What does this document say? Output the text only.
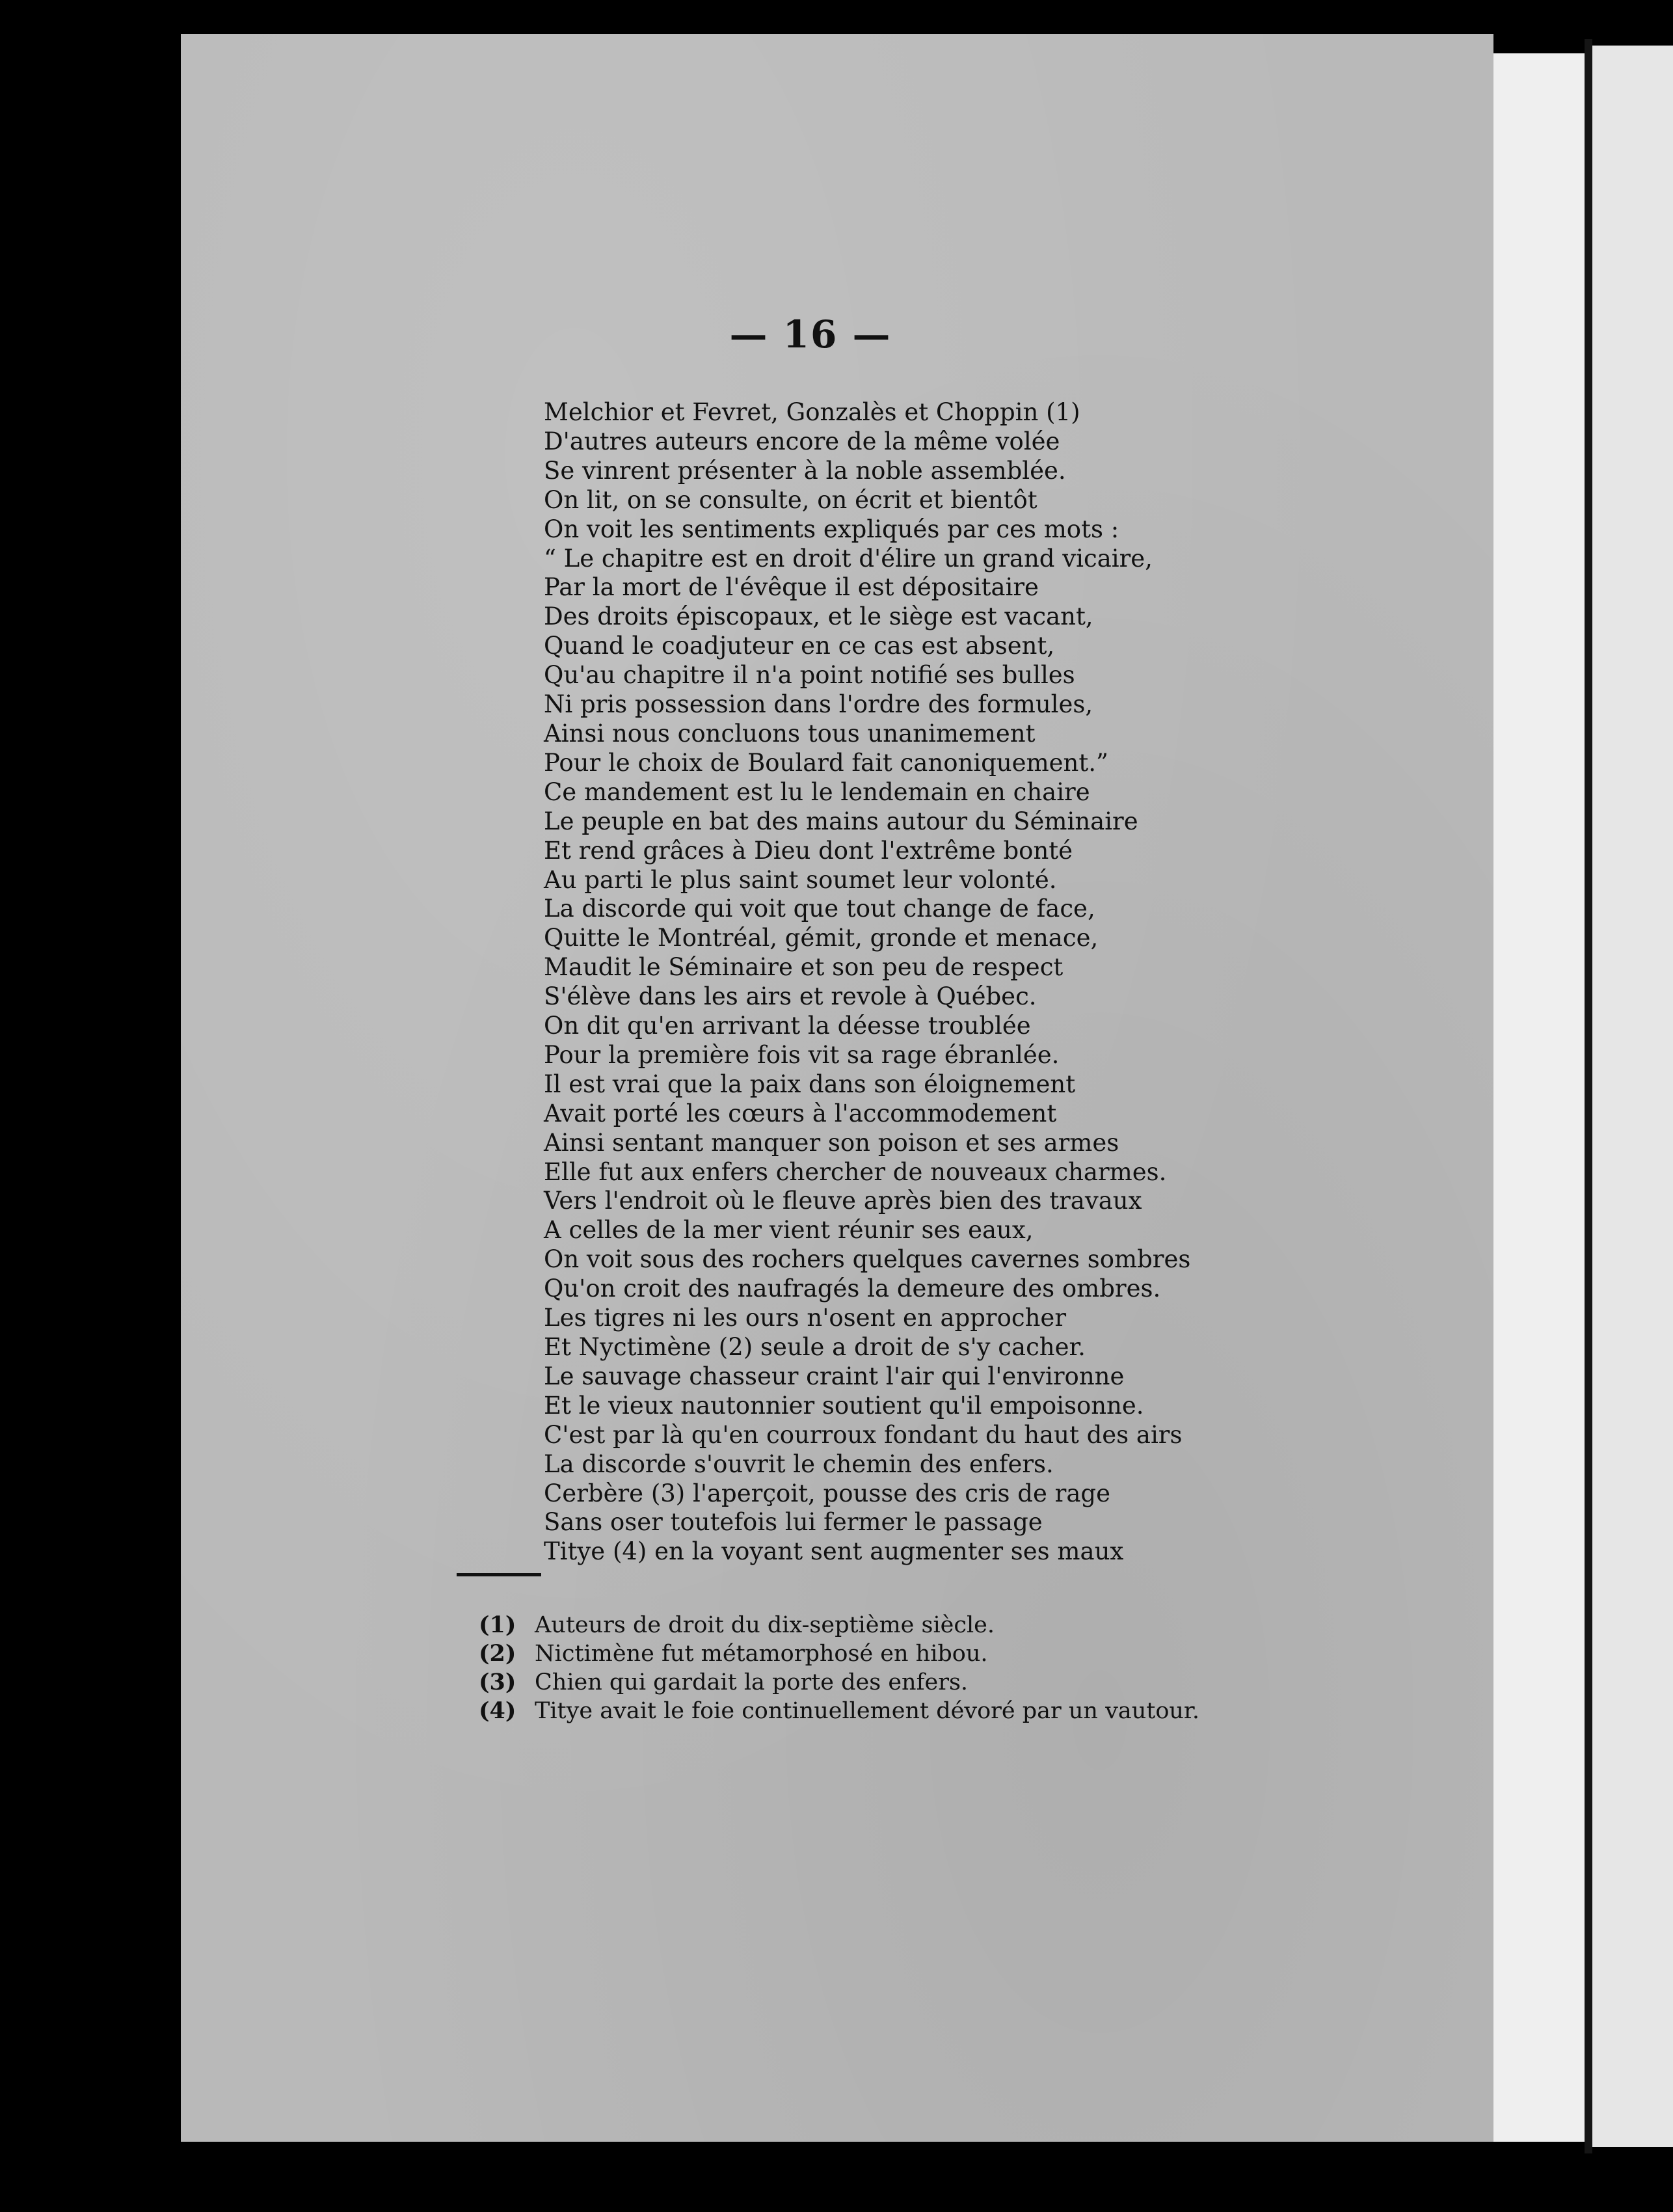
— 16 —
Melchior et Fevret, Gonzalès et Choppin (1)
D'autres auteurs encore de la même volée
Se vinrent présenter à la noble assemblée.
On lit, on se consulte, on écrit et bientôt
On voit les sentiments expliqués par ces mots :
“ Le chapitre est en droit d'élire un grand vicaire,
Par la mort de l'évêque il est dépositaire
Des droits épiscopaux, et le siège est vacant,
Quand le coadjuteur en ce cas est absent,
Qu'au chapitre il n'a point notifié ses bulles
Ni pris possession dans l'ordre des formules,
Ainsi nous concluons tous unanimement
Pour le choix de Boulard fait canoniquement.”
Ce mandement est lu le lendemain en chaire
Le peuple en bat des mains autour du Séminaire
Et rend grâces à Dieu dont l'extrême bonté
Au parti le plus saint soumet leur volonté.
La discorde qui voit que tout change de face,
Quitte le Montréal, gémit, gronde et menace,
Maudit le Séminaire et son peu de respect
S'élève dans les airs et revole à Québec.
On dit qu'en arrivant la déesse troublée
Pour la première fois vit sa rage ébranlée.
Il est vrai que la paix dans son éloignement
Avait porté les cœurs à l'accommodement
Ainsi sentant manquer son poison et ses armes
Elle fut aux enfers chercher de nouveaux charmes.
Vers l'endroit où le fleuve après bien des travaux
A celles de la mer vient réunir ses eaux,
On voit sous des rochers quelques cavernes sombres
Qu'on croit des naufragés la demeure des ombres.
Les tigres ni les ours n'osent en approcher
Et Nyctimène (2) seule a droit de s'y cacher.
Le sauvage chasseur craint l'air qui l'environne
Et le vieux nautonnier soutient qu'il empoisonne.
C'est par là qu'en courroux fondant du haut des airs
La discorde s'ouvrit le chemin des enfers.
Cerbère (3) l'aperçoit, pousse des cris de rage
Sans oser toutefois lui fermer le passage
Titye (4) en la voyant sent augmenter ses maux
(1) Auteurs de droit du dix-septième siècle.
(2) Nictimène fut métamorphosé en hibou.
(3) Chien qui gardait la porte des enfers.
(4) Titye avait le foie continuellement dévoré par un vautour.
